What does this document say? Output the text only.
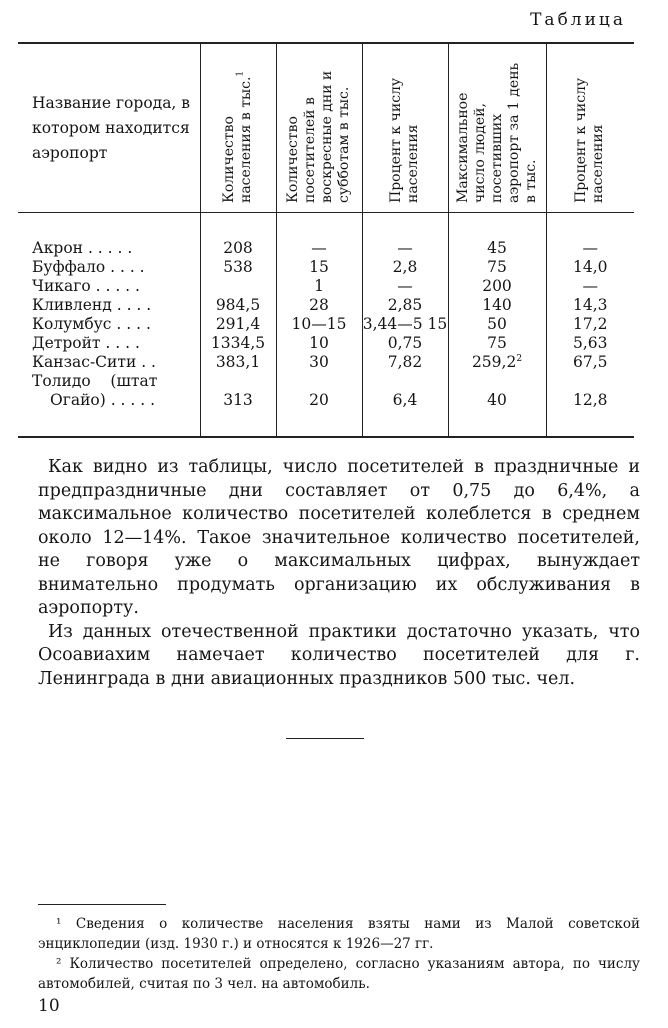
Таблица
Название города, в котором находится аэропорт	Количество населения в тыс.$^1$	Количество посетителей в воскресные дни и субботам в тыс.	Процент к числу населения	Максимальное число людей, посетивших аэропорт за 1 день в тыс.	Процент к числу населения

Акрон . . . . .	208	—	—	45	—
Буффало . . . .	538	15	2,8	75	14,0
Чикаго . . . . .		1	—	200	—
Кливленд . . . .	984,5	28	2,85	140	14,3
Колумбус . . . .	291,4	10—15	3,44—5 15	50	17,2
Детройт . . . .	1334,5	10	0,75	75	5,63
Канзас-Сити . .	383,1	30	7,82	259,2$^2$	67,5

Толидо    (штат
Огайо) . . . . .	313	20	6,4	40	12,8

Как видно из таблицы, число посетителей в праздничные и предпраздничные дни составляет от 0,75 до 6,4%, а максимальное количество посетителей колеблется в среднем около 12—14%. Такое значительное количество посетителей, не говоря уже о максимальных цифрах, вынуждает внимательно продумать организацию их обслуживания в аэропорту.

Из данных отечественной практики достаточно указать, что Осоавиахим намечает количество посетителей для г. Ленинграда в дни авиационных праздников 500 тыс. чел.

¹ Сведения о количестве населения взяты нами из Малой советской энциклопедии (изд. 1930 г.) и относятся к 1926—27 гг.

² Количество посетителей определено, согласно указаниям автора, по числу автомобилей, считая по 3 чел. на автомобиль.

10
